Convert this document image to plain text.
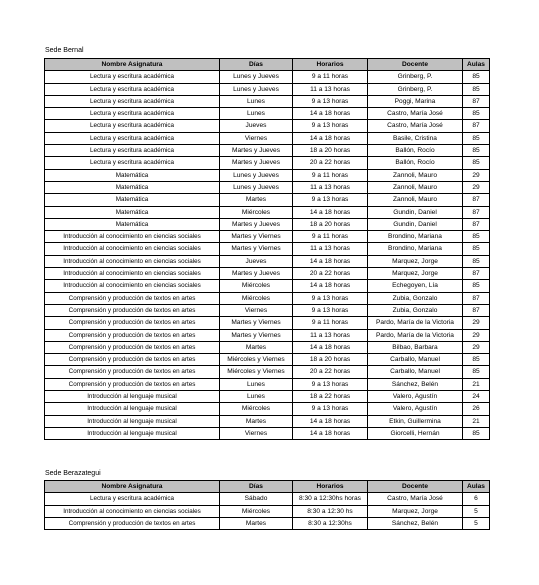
Sede Bernal
Nombre Asignatura	Días	Horarios	Docente	Aulas
Lectura y escritura académica	Lunes y Jueves	9 a 11 horas	Grinberg, P.	85
Lectura y escritura académica	Lunes y Jueves	11 a 13 horas	Grinberg, P.	85
Lectura y escritura académica	Lunes	9 a 13 horas	Poggi, Marina	87
Lectura y escritura académica	Lunes	14 a 18 horas	Castro, María José	85
Lectura y escritura académica	Jueves	9 a 13 horas	Castro, María José	87
Lectura y escritura académica	Viernes	14 a 18 horas	Basile, Cristina	85
Lectura y escritura académica	Martes y Jueves	18 a 20 horas	Ballón, Rocío	85
Lectura y escritura académica	Martes y Jueves	20 a 22 horas	Ballón, Rocío	85
Matemática	Lunes y Jueves	9 a 11 horas	Zannoli, Mauro	29
Matemática	Lunes y Jueves	11 a 13 horas	Zannoli, Mauro	29
Matemática	Martes	9 a 13 horas	Zannoli, Mauro	87
Matemática	Miércoles	14 a 18 horas	Gundin, Daniel	87
Matemática	Martes y Jueves	18 a 20 horas	Gundin, Daniel	87
Introducción al conocimiento en ciencias sociales	Martes y Viernes	9 a 11 horas	Brondino, Mariana	85
Introducción al conocimiento en ciencias sociales	Martes y Viernes	11 a 13 horas	Brondino, Mariana	85
Introducción al conocimiento en ciencias sociales	Jueves	14 a 18 horas	Marquez, Jorge	85
Introducción al conocimiento en ciencias sociales	Martes y Jueves	20 a 22 horas	Marquez, Jorge	87
Introducción al conocimiento en ciencias sociales	Miércoles	14 a 18 horas	Echegoyen, Lía	85
Comprensión y producción de textos en artes	Miércoles	9 a 13 horas	Zubia, Gonzalo	87
Comprensión y producción de textos en artes	Viernes	9 a 13 horas	Zubia, Gonzalo	87
Comprensión y producción de textos en artes	Martes y Viernes	9 a 11 horas	Pardo, María de la Victoria	29
Comprensión y producción de textos en artes	Martes y Viernes	11 a 13 horas	Pardo, María de la Victoria	29
Comprensión y producción de textos en artes	Martes	14 a 18 horas	Bilbao, Barbara	29
Comprensión y producción de textos en artes	Miércoles y Viernes	18 a 20 horas	Carballo, Manuel	85
Comprensión y producción de textos en artes	Miércoles y Viernes	20 a 22 horas	Carballo, Manuel	85
Comprensión y producción de textos en artes	Lunes	9 a 13 horas	Sánchez, Belén	21
Introducción al lenguaje musical	Lunes	18 a 22 horas	Valero, Agustín	24
Introducción al lenguaje musical	Miércoles	9 a 13 horas	Valero, Agustín	26
Introducción al lenguaje musical	Martes	14 a 18 horas	Etkin, Guillermina	21
Introducción al lenguaje musical	Viernes	14 a 18 horas	Giorcelli, Hernán	85
Sede Berazategui
Nombre Asignatura	Días	Horarios	Docente	Aulas
Lectura y escritura académica	Sábado	8:30 a 12:30hs horas	Castro, María José	6
Introducción al conocimiento en ciencias sociales	Miércoles	8:30 a 12:30 hs	Marquez, Jorge	5
Comprensión y producción de textos en artes	Martes	8:30 a 12:30hs	Sánchez, Belén	5
